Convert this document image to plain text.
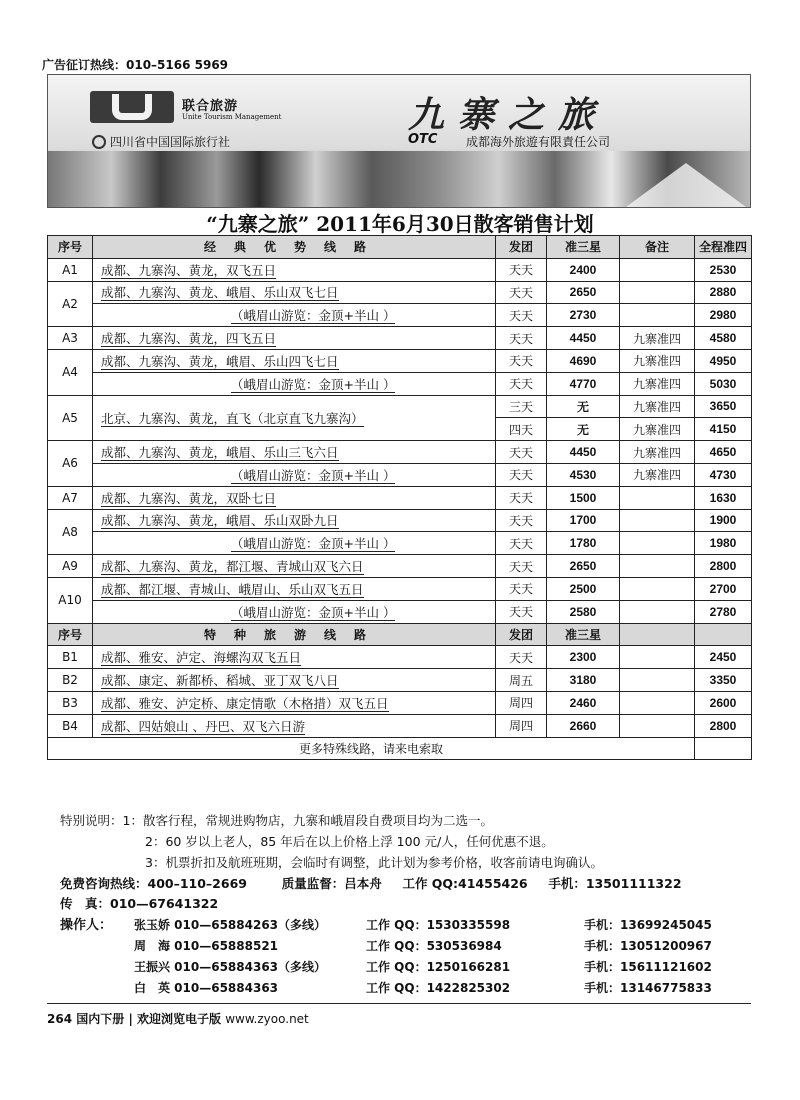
广告征订热线：010–5166 5969
联合旅游
Unite Tourism Management	九寨之旅
四川省中国国际旅行社	OTC 成都海外旅遊有限責任公司
“九寨之旅” 2011年6月30日散客销售计划
序号	经典优势线路	发团	准三星	备注	全程准四
A1	成都、九寨沟、黄龙，双飞五日	天天	2400		2530
A2	成都、九寨沟、黄龙、峨眉、乐山双飞七日	天天	2650		2880
	（峨眉山游览：金顶+半山 ）	天天	2730		2980
A3	成都、九寨沟、黄龙，四飞五日	天天	4450	九寨准四	4580
A4	成都、九寨沟、黄龙，峨眉、乐山四飞七日	天天	4690	九寨准四	4950
	（峨眉山游览：金顶+半山 ）	天天	4770	九寨准四	5030
A5	北京、九寨沟、黄龙，直飞（北京直飞九寨沟）	三天	无	九寨准四	3650
		四天	无	九寨准四	4150
A6	成都、九寨沟、黄龙，峨眉、乐山三飞六日	天天	4450	九寨准四	4650
	（峨眉山游览：金顶+半山 ）	天天	4530	九寨准四	4730
A7	成都、九寨沟、黄龙，双卧七日	天天	1500		1630
A8	成都、九寨沟、黄龙，峨眉、乐山双卧九日	天天	1700		1900
	（峨眉山游览：金顶+半山 ）	天天	1780		1980
A9	成都、九寨沟、黄龙，都江堰、青城山双飞六日	天天	2650		2800
A10	成都、都江堰、青城山、峨眉山、乐山双飞五日	天天	2500		2700
	（峨眉山游览：金顶+半山 ）	天天	2580		2780
序号	特种旅游线路	发团	准三星		
B1	成都、雅安、泸定、海螺沟双飞五日	天天	2300		2450
B2	成都、康定、新都桥、稻城、亚丁双飞八日	周五	3180		3350
B3	成都、雅安、泸定桥、康定情歌（木格措）双飞五日	周四	2460		2600
B4	成都、四姑娘山 、丹巴、双飞六日游	周四	2660		2800
更多特殊线路，请来电索取					
特别说明：1：散客行程，常规进购物店，九寨和峨眉段自费项目均为二选一。
2：60 岁以上老人，85 年后在以上价格上浮 100 元/人，任何优惠不退。
3：机票折扣及航班班期，会临时有调整，此计划为参考价格，收客前请电询确认。
免费咨询热线：400–110–2669	质量监督：吕本舟 工作 QQ:41455426 手机：13501111322
传　真：010—67641322
操作人： 张玉娇 010—65884263（多线）	工作 QQ：1530335598	手机：13699245045
周　海 010—65888521	工作 QQ：530536984	手机：13051200967
王振兴 010—65884363（多线）	工作 QQ：1250166281	手机：15611121602
白　英 010—65884363	工作 QQ：1422825302	手机：13146775833
264 国内下册 | 欢迎浏览电子版 www.zyoo.net
